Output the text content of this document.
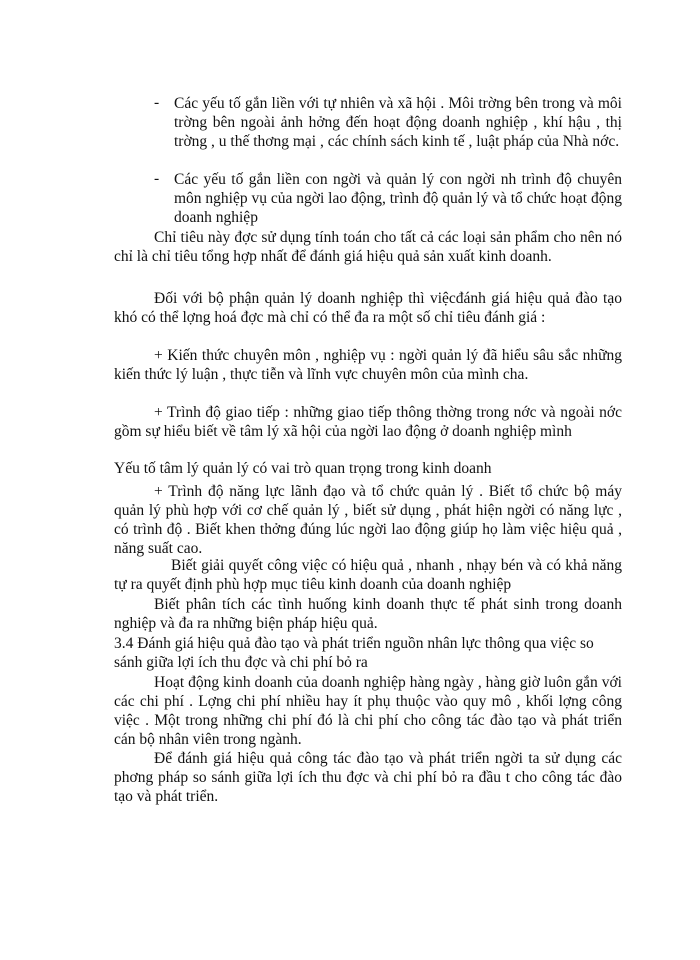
- Các yếu tố gắn liền với tự nhiên và xã hội . Môi trờng bên trong và môi trờng bên ngoài ảnh hởng đến hoạt động doanh nghiệp , khí hậu , thị trờng , u thế thơng mại , các chính sách kinh tế , luật pháp của Nhà nớc.

- Các yếu tố gắn liền con ngời và quản lý con ngời nh trình độ chuyên môn nghiệp vụ của ngời lao động, trình độ quản lý và tổ chức hoạt động doanh nghiệp

Chỉ tiêu này đợc sử dụng tính toán cho tất cả các loại sản phẩm cho nên nó chỉ là chỉ tiêu tổng hợp nhất để đánh giá hiệu quả sản xuất kinh doanh.

Đối với bộ phận quản lý doanh nghiệp thì việcđánh giá hiệu quả đào tạo khó có thể lợng hoá đợc mà chỉ có thể đa ra một số chỉ tiêu đánh giá :

+ Kiến thức chuyên môn , nghiệp vụ : ngời quản lý đã hiểu sâu sắc những kiến thức lý luận , thực tiễn và lĩnh vực chuyên môn của mình cha.

+ Trình độ giao tiếp : những giao tiếp thông thờng trong nớc và ngoài nớc gồm sự hiểu biết về tâm lý xã hội của ngời lao động ở doanh nghiệp mình

Yếu tố tâm lý quản lý có vai trò quan trọng trong kinh doanh

+ Trình độ năng lực lãnh đạo và tổ chức quản lý . Biết tổ chức bộ máy quản lý phù hợp với cơ chế quản lý , biết sử dụng , phát hiện ngời có năng lực , có trình độ . Biết khen thởng đúng lúc ngời lao động giúp họ làm việc hiệu quả , năng suất cao.

Biết giải quyết công việc có hiệu quả , nhanh , nhạy bén và có khả năng tự ra quyết định phù hợp mục tiêu kinh doanh của doanh nghiệp

Biết phân tích các tình huống kinh doanh thực tế phát sinh trong doanh nghiệp và đa ra những biện pháp hiệu quả.

3.4 Đánh giá hiệu quả đào tạo và phát triển nguồn nhân lực thông qua việc so sánh giữa lợi ích thu đợc và chi phí bỏ ra

Hoạt động kinh doanh của doanh nghiệp hàng ngày , hàng giờ luôn gắn với các chi phí . Lợng chi phí nhiều hay ít phụ thuộc vào quy mô , khối lợng công việc . Một trong những chi phí đó là chi phí cho công tác đào tạo và phát triển cán bộ nhân viên trong ngành.

Để đánh giá hiệu quả công tác đào tạo và phát triển ngời ta sử dụng các phơng pháp so sánh giữa lợi ích thu đợc và chi phí bỏ ra đầu t cho công tác đào tạo và phát triển.
